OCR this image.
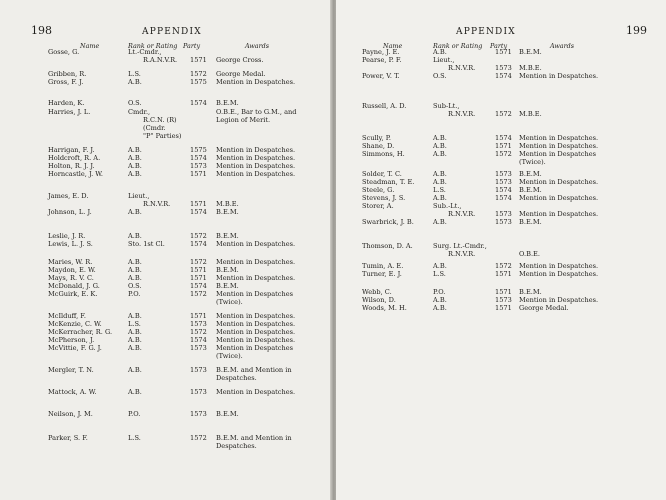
198	APPENDIX
Name	Rank or Rating Party	Awards
Gosse, G.	Lt.-Cmdr.,
R.A.N.V.R. 1571 George Cross.
Gribben, R.	L.S.	1572 George Medal.
Gross, F. J.	A.B.	1575 Mention in Despatches.
Harden, K.	O.S.	1574 B.E.M.
Harries, J. L.	Cmdr.,	O.B.E., Bar to G.M., and
R.C.N. (R)	Legion of Merit.
(Cmdr.
"P" Parties)
Harrigan, F. J.	A.B.	1575 Mention in Despatches.
Holdcroft, R. A.	A.B.	1574 Mention in Despatches.
Holton, R. J. J.	A.B.	1573 Mention in Despatches.
Horncastle, J. W.	A.B.	1571 Mention in Despatches.
James, E. D.	Lieut.,
R.N.V.R.	1571 M.B.E.
Johnson, L. J.	A.B.	1574 B.E.M.
Leslie, J. R.	A.B.	1572 B.E.M.
Lewis, L. J. S.	Sto. 1st Cl.	1574 Mention in Despatches.
Maries, W. R.	A.B.	1572 Mention in Despatches.
Maydon, E. W.	A.B.	1571 B.E.M.
Mays, R. V. C.	A.B.	1571 Mention in Despatches.
McDonald, J. G.	O.S.	1574 B.E.M.
McGuirk, E. K.	P.O.	1572 Mention in Despatches
(Twice).
McIlduff, F.	A.B.	1571 Mention in Despatches.
McKenzie, C. W.	L.S.	1573 Mention in Despatches.
McKerracher, R. G. A.B.	1572 Mention in Despatches.
McPherson, J.	A.B.	1574 Mention in Despatches.
McVittie, F. G. J.	A.B.	1573 Mention in Despatches
(Twice).
Mergler, T. N.	A.B.	1573 B.E.M. and Mention in
Despatches.
Mattock, A. W.	A.B.	1573 Mention in Despatches.
Neilson, J. M.	P.O.	1573 B.E.M.
Parker, S. F.	L.S.	1572 B.E.M. and Mention in
Despatches.
APPENDIX	199
Name	Rank or Rating Party	Awards
Payne, J. E.	A.B.	1571 B.E.M.
Pearse, P. F.	Lieut.,
R.N.V.R.	1573 M.B.E.
Power, V. T.	O.S.	1574 Mention in Despatches.
Russell, A. D.	Sub-Lt.,
R.N.V.R.	1572 M.B.E.
Scully, P.	A.B.	1574 Mention in Despatches.
Shane, D.	A.B.	1571 Mention in Despatches.
Simmons, H.	A.B.	1572 Mention in Despatches
(Twice).
Solder, T. C.	A.B.	1573 B.E.M.
Steadman, T. E.	A.B.	1573 Mention in Despatches.
Steele, G.	L.S.	1574 B.E.M.
Stevens, J. S.	A.B.	1574 Mention in Despatches.
Storer, A.	Sub.-Lt.,
R.N.V.R.	1573 Mention in Despatches.
Swarbrick, J. B.	A.B.	1573 B.E.M.
Thomson, D. A.	Surg. Lt.-Cmdr.,
R.N.V.R.	O.B.E.
Tumin, A. E.	A.B.	1572 Mention in Despatches.
Turner, E. J.	L.S.	1571 Mention in Despatches.
Webb, C.	P.O.	1571 B.E.M.
Wilson, D.	A.B.	1573 Mention in Despatches.
Woods, M. H.	A.B.	1571 George Medal.
